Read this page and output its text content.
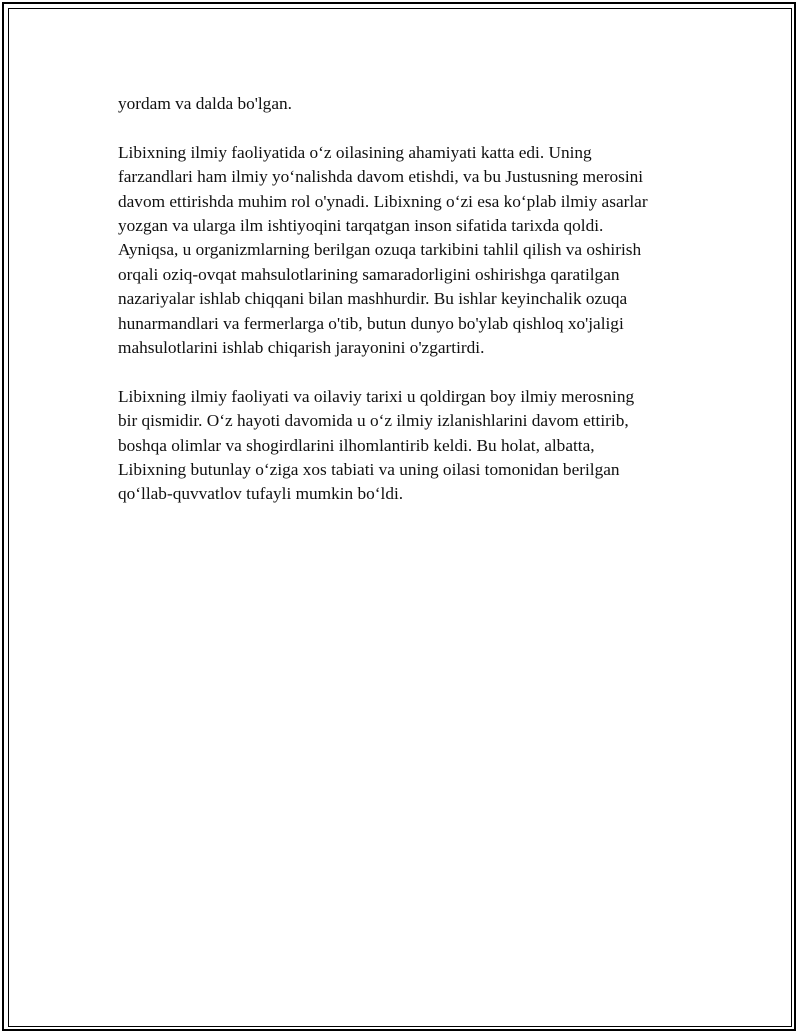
yordam va dalda bo'lgan.

Libixning ilmiy faoliyatida o‘z oilasining ahamiyati katta edi. Uning
farzandlari ham ilmiy yo‘nalishda davom etishdi, va bu Justusning merosini
davom ettirishda muhim rol o'ynadi. Libixning o‘zi esa ko‘plab ilmiy asarlar
yozgan va ularga ilm ishtiyoqini tarqatgan inson sifatida tarixda qoldi.
Ayniqsa, u organizmlarning berilgan ozuqa tarkibini tahlil qilish va oshirish
orqali oziq-ovqat mahsulotlarining samaradorligini oshirishga qaratilgan
nazariyalar ishlab chiqqani bilan mashhurdir. Bu ishlar keyinchalik ozuqa
hunarmandlari va fermerlarga o'tib, butun dunyo bo'ylab qishloq xo'jaligi
mahsulotlarini ishlab chiqarish jarayonini o'zgartirdi.

Libixning ilmiy faoliyati va oilaviy tarixi u qoldirgan boy ilmiy merosning
bir qismidir. O‘z hayoti davomida u o‘z ilmiy izlanishlarini davom ettirib,
boshqa olimlar va shogirdlarini ilhomlantirib keldi. Bu holat, albatta,
Libixning butunlay o‘ziga xos tabiati va uning oilasi tomonidan berilgan
qo‘llab-quvvatlov tufayli mumkin bo‘ldi.
